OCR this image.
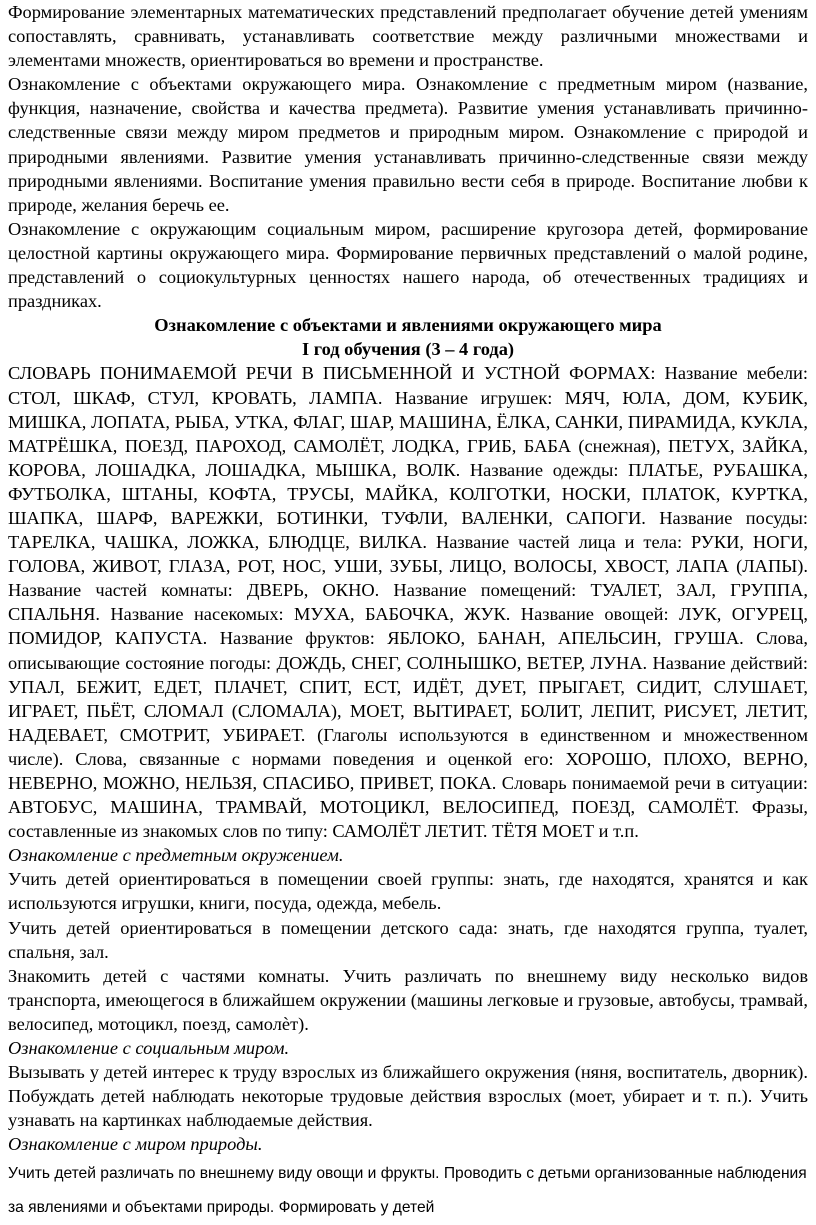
Формирование элементарных математических представлений предполагает обучение детей умениям сопоставлять, сравнивать, устанавливать соответствие между различными множествами и элементами множеств, ориентироваться во времени и пространстве.

Ознакомление с объектами окружающего мира. Ознакомление с предметным миром (название, функция, назначение, свойства и качества предмета). Развитие умения устанавливать причинно-следственные связи между миром предметов и природным миром. Ознакомление с природой и природными явлениями. Развитие умения устанавливать причинно-следственные связи между природными явлениями. Воспитание умения правильно вести себя в природе. Воспитание любви к природе, желания беречь ее.

Ознакомление с окружающим социальным миром, расширение кругозора детей, формирование целостной картины окружающего мира. Формирование первичных представлений о малой родине, представлений о социокультурных ценностях нашего народа, об отечественных традициях и праздниках.

Ознакомление с объектами и явлениями окружающего мира

I год обучения (3 – 4 года)

СЛОВАРЬ ПОНИМАЕМОЙ РЕЧИ В ПИСЬМЕННОЙ И УСТНОЙ ФОРМАХ: Название мебели: СТОЛ, ШКАФ, СТУЛ, КРОВАТЬ, ЛАМПА. Название игрушек: МЯЧ, ЮЛА, ДОМ, КУБИК, МИШКА, ЛОПАТА, РЫБА, УТКА, ФЛАГ, ШАР, МАШИНА, ЁЛКА, САНКИ, ПИРАМИДА, КУКЛА, МАТРЁШКА, ПОЕЗД, ПАРОХОД, САМОЛЁТ, ЛОДКА, ГРИБ, БАБА (снежная), ПЕТУХ, ЗАЙКА, КОРОВА, ЛОШАДКА, ЛОШАДКА, МЫШКА, ВОЛК. Название одежды: ПЛАТЬЕ, РУБАШКА, ФУТБОЛКА, ШТАНЫ, КОФТА, ТРУСЫ, МАЙКА, КОЛГОТКИ, НОСКИ, ПЛАТОК, КУРТКА, ШАПКА, ШАРФ, ВАРЕЖКИ, БОТИНКИ, ТУФЛИ, ВАЛЕНКИ, САПОГИ. Название посуды: ТАРЕЛКА, ЧАШКА, ЛОЖКА, БЛЮДЦЕ, ВИЛКА. Название частей лица и тела: РУКИ, НОГИ, ГОЛОВА, ЖИВОТ, ГЛАЗА, РОТ, НОС, УШИ, ЗУБЫ, ЛИЦО, ВОЛОСЫ, ХВОСТ, ЛАПА (ЛАПЫ). Название частей комнаты: ДВЕРЬ, ОКНО. Название помещений: ТУАЛЕТ, ЗАЛ, ГРУППА, СПАЛЬНЯ. Название насекомых: МУХА, БАБОЧКА, ЖУК. Название овощей: ЛУК, ОГУРЕЦ, ПОМИДОР, КАПУСТА. Название фруктов: ЯБЛОКО, БАНАН, АПЕЛЬСИН, ГРУША. Слова, описывающие состояние погоды: ДОЖДЬ, СНЕГ, СОЛНЫШКО, ВЕТЕР, ЛУНА. Название действий: УПАЛ, БЕЖИТ, ЕДЕТ, ПЛАЧЕТ, СПИТ, ЕСТ, ИДЁТ, ДУЕТ, ПРЫГАЕТ, СИДИТ, СЛУШАЕТ, ИГРАЕТ, ПЬЁТ, СЛОМАЛ (СЛОМАЛА), МОЕТ, ВЫТИРАЕТ, БОЛИТ, ЛЕПИТ, РИСУЕТ, ЛЕТИТ, НАДЕВАЕТ, СМОТРИТ, УБИРАЕТ. (Глаголы используются в единственном и множественном числе). Слова, связанные с нормами поведения и оценкой его: ХОРОШО, ПЛОХО, ВЕРНО, НЕВЕРНО, МОЖНО, НЕЛЬЗЯ, СПАСИБО, ПРИВЕТ, ПОКА. Словарь понимаемой речи в ситуации: АВТОБУС, МАШИНА, ТРАМВАЙ, МОТОЦИКЛ, ВЕЛОСИПЕД, ПОЕЗД, САМОЛЁТ. Фразы, составленные из знакомых слов по типу: САМОЛЁТ ЛЕТИТ. ТЁТЯ МОЕТ и т.п.

Ознакомление с предметным окружением.

Учить детей ориентироваться в помещении своей группы: знать, где находятся, хранятся и как используются игрушки, книги, посуда, одежда, мебель.

Учить детей ориентироваться в помещении детского сада: знать, где находятся группа, туалет, спальня, зал.

Знакомить детей с частями комнаты. Учить различать по внешнему виду несколько видов транспорта, имеющегося в ближайшем окружении (машины легковые и грузовые, автобусы, трамвай, велосипед, мотоцикл, поезд, самолѐт).

Ознакомление с социальным миром.

Вызывать у детей интерес к труду взрослых из ближайшего окружения (няня, воспитатель, дворник). Побуждать детей наблюдать некоторые трудовые действия взрослых (моет, убирает и т. п.). Учить узнавать на картинках наблюдаемые действия.

Ознакомление с миром природы.

Учить детей различать по внешнему виду овощи и фрукты. Проводить с детьми организованные наблюдения за явлениями и объектами природы. Формировать у детей
